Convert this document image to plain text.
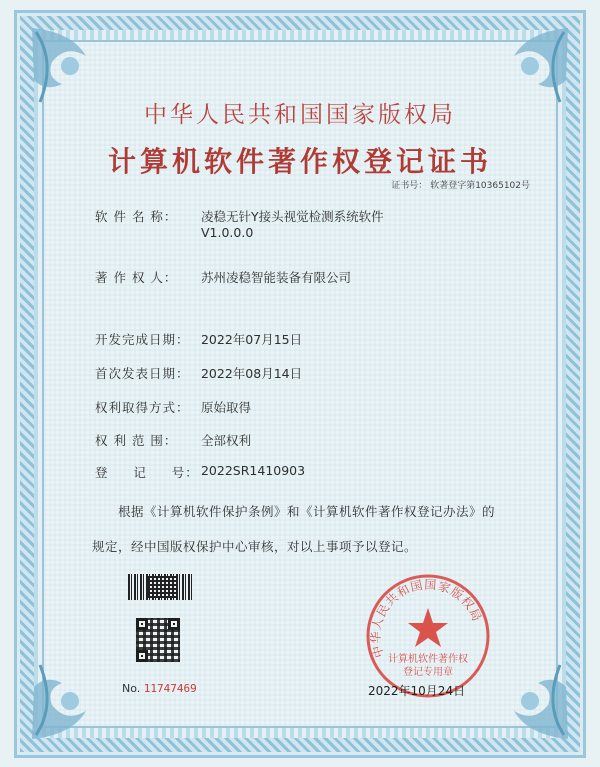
中华人民共和国国家版权局
计算机软件著作权登记证书
证书号： 软著登字第10365102号
软 件 名 称： 凌稳无针Y接头视觉检测系统软件
V1.0.0.0
著 作 权 人： 苏州凌稳智能装备有限公司
开发完成日期： 2022年07月15日
首次发表日期： 2022年08月14日
权利取得方式： 原始取得
权 利 范 围： 全部权利
登     记     号： 2022SR1410903
根据《计算机软件保护条例》和《计算机软件著作权登记办法》的
规定，经中国版权保护中心审核，对以上事项予以登记。
No. 11747469
中华人民共和国国家版权局
计算机软件著作权
登记专用章
2022年10月24日
